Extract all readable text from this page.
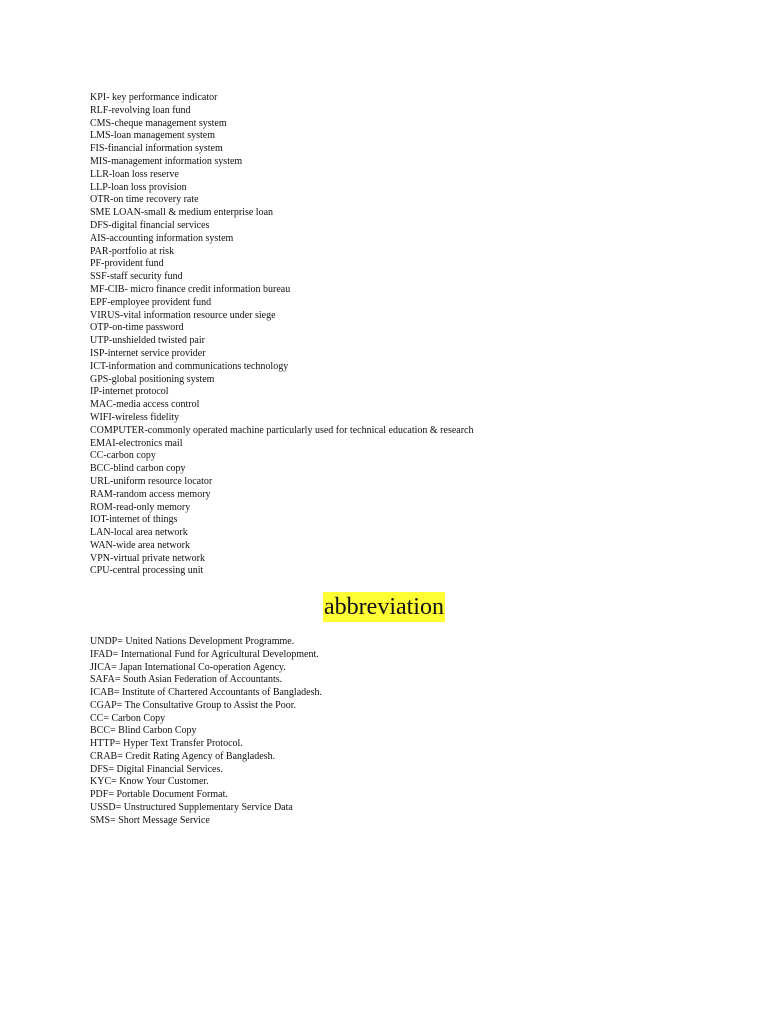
KPI- key performance indicator
RLF-revolving loan fund
CMS-cheque management system
LMS-loan management system
FIS-financial information system
MIS-management information system
LLR-loan loss reserve
LLP-loan loss provision
OTR-on time recovery rate
SME LOAN-small & medium enterprise loan
DFS-digital financial services
AIS-accounting information system
PAR-portfolio at risk
PF-provident fund
SSF-staff security fund
MF-CIB- micro finance credit information bureau
EPF-employee provident fund
VIRUS-vital information resource under siege
OTP-on-time password
UTP-unshielded twisted pair
ISP-internet service provider
ICT-information and communications technology
GPS-global positioning system
IP-internet protocol
MAC-media access control
WIFI-wireless fidelity
COMPUTER-commonly operated machine particularly used for technical education & research
EMAI-electronics mail
CC-carbon copy
BCC-blind carbon copy
URL-uniform resource locator
RAM-random access memory
ROM-read-only memory
IOT-internet of things
LAN-local area network
WAN-wide area network
VPN-virtual private network
CPU-central processing unit
abbreviation
UNDP= United Nations Development Programme.
IFAD= International Fund for Agricultural Development.
JICA= Japan International Co-operation Agency.
SAFA= South Asian Federation of Accountants.
ICAB= Institute of Chartered Accountants of Bangladesh.
CGAP= The Consultative Group to Assist the Poor.
CC= Carbon Copy
BCC= Blind Carbon Copy
HTTP= Hyper Text Transfer Protocol.
CRAB= Credit Rating Agency of Bangladesh.
DFS= Digital Financial Services.
KYC= Know Your Customer.
PDF= Portable Document Format.
USSD= Unstructured Supplementary Service Data
SMS= Short Message Service
